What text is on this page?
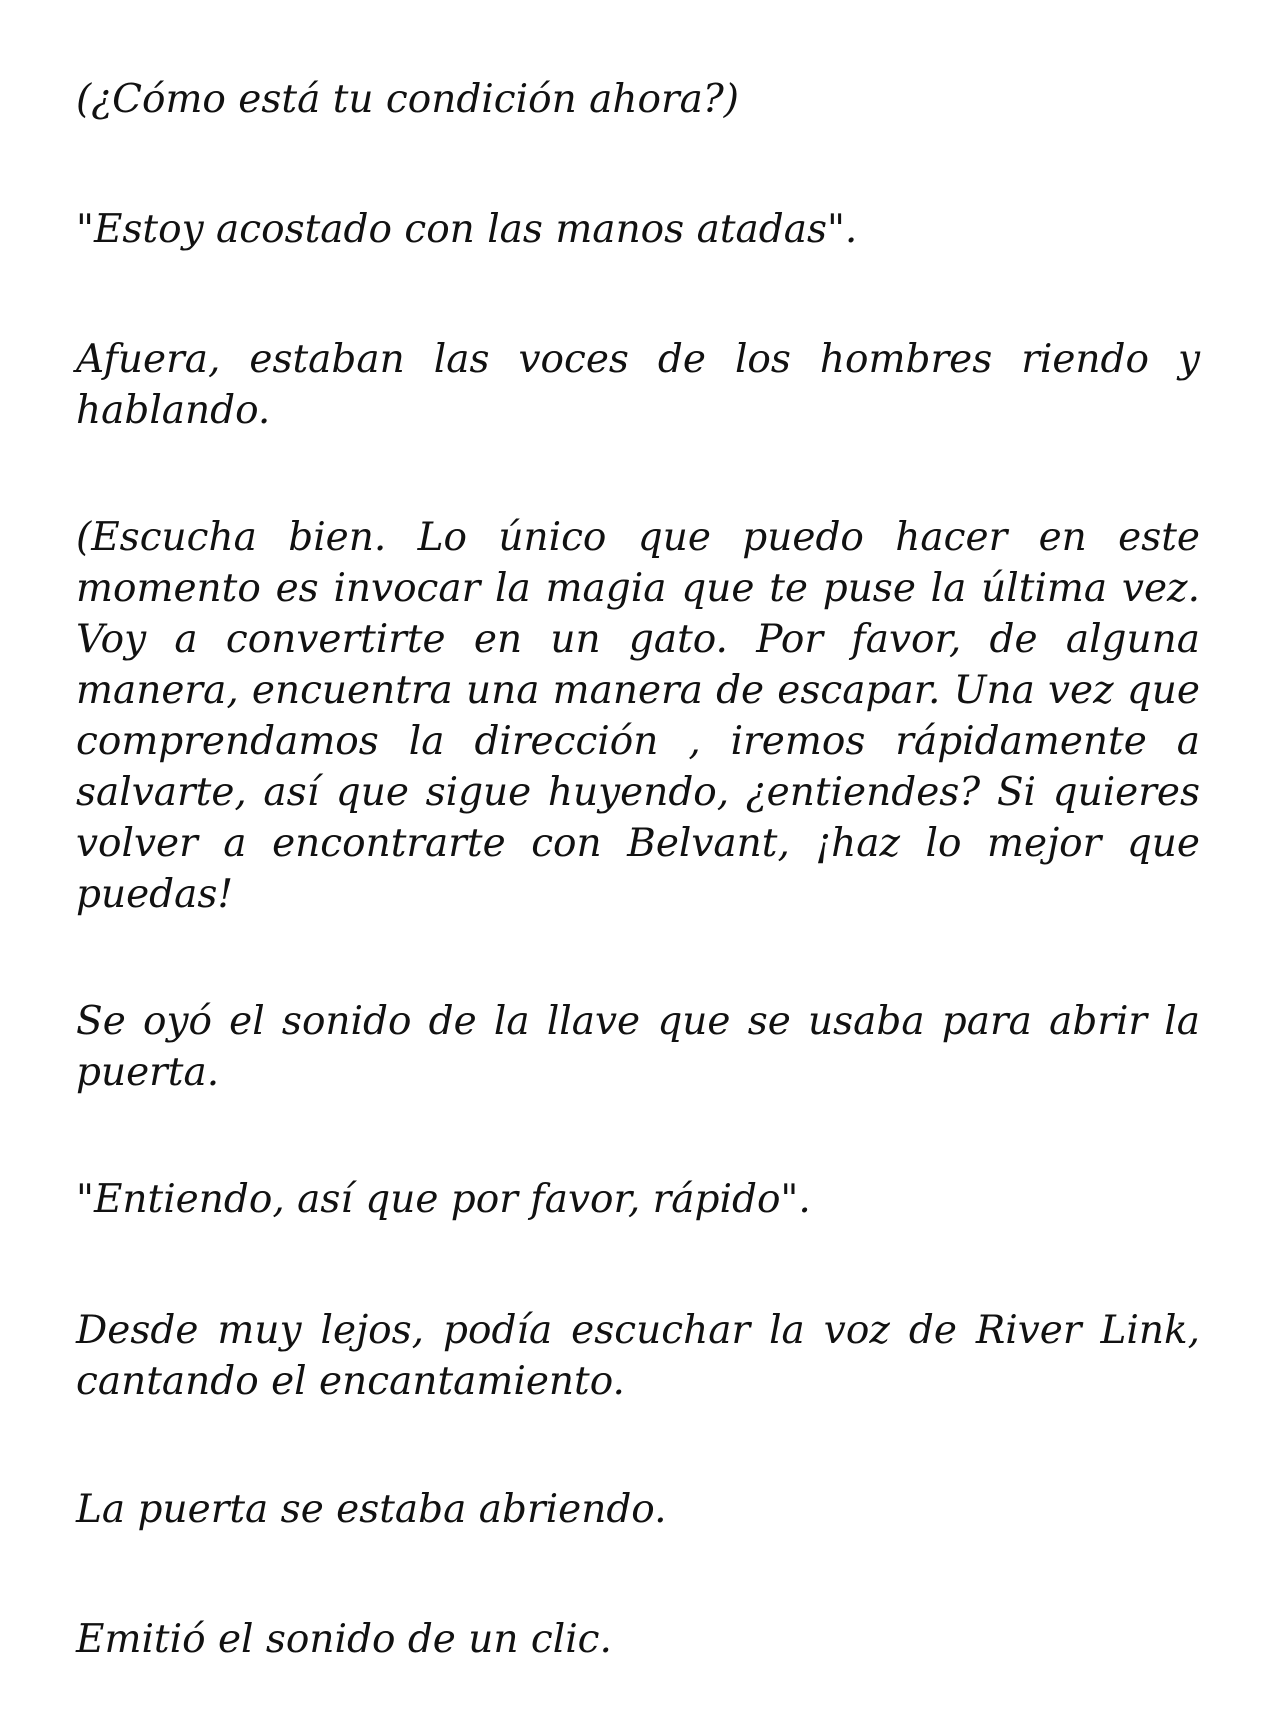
(¿Cómo está tu condición ahora?)

"Estoy acostado con las manos atadas".

Afuera, estaban las voces de los hombres riendo y hablando.

(Escucha bien. Lo único que puedo hacer en este momento es invocar la magia que te puse la última vez. Voy a convertirte en un gato. Por favor, de alguna manera, encuentra una manera de escapar. Una vez que comprendamos la dirección , iremos rápidamente a salvarte, así que sigue huyendo, ¿entiendes? Si quieres volver a encontrarte con Belvant, ¡haz lo mejor que puedas!

Se oyó el sonido de la llave que se usaba para abrir la puerta.

"Entiendo, así que por favor, rápido".

Desde muy lejos, podía escuchar la voz de River Link, cantando el encantamiento.

La puerta se estaba abriendo.

Emitió el sonido de un clic.
